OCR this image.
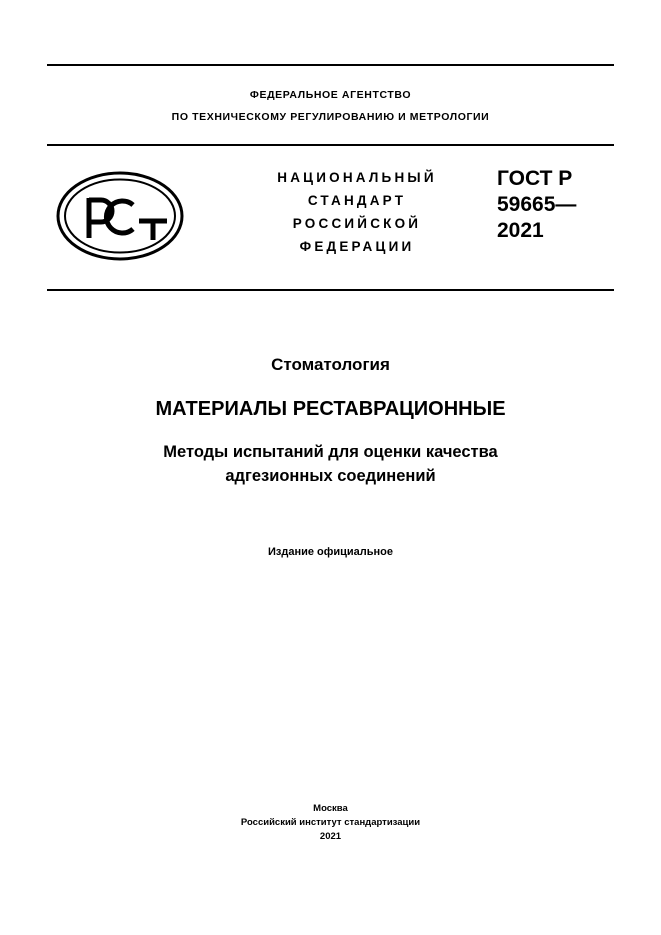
ФЕДЕРАЛЬНОЕ АГЕНТСТВО
ПО ТЕХНИЧЕСКОМУ РЕГУЛИРОВАНИЮ И МЕТРОЛОГИИ
НАЦИОНАЛЬНЫЙ
СТАНДАРТ
РОССИЙСКОЙ
ФЕДЕРАЦИИ
ГОСТ Р
59665—
2021
Стоматология
МАТЕРИАЛЫ РЕСТАВРАЦИОННЫЕ
Методы испытаний для оценки качества
адгезионных соединений
Издание официальное
Москва
Российский институт стандартизации
2021
